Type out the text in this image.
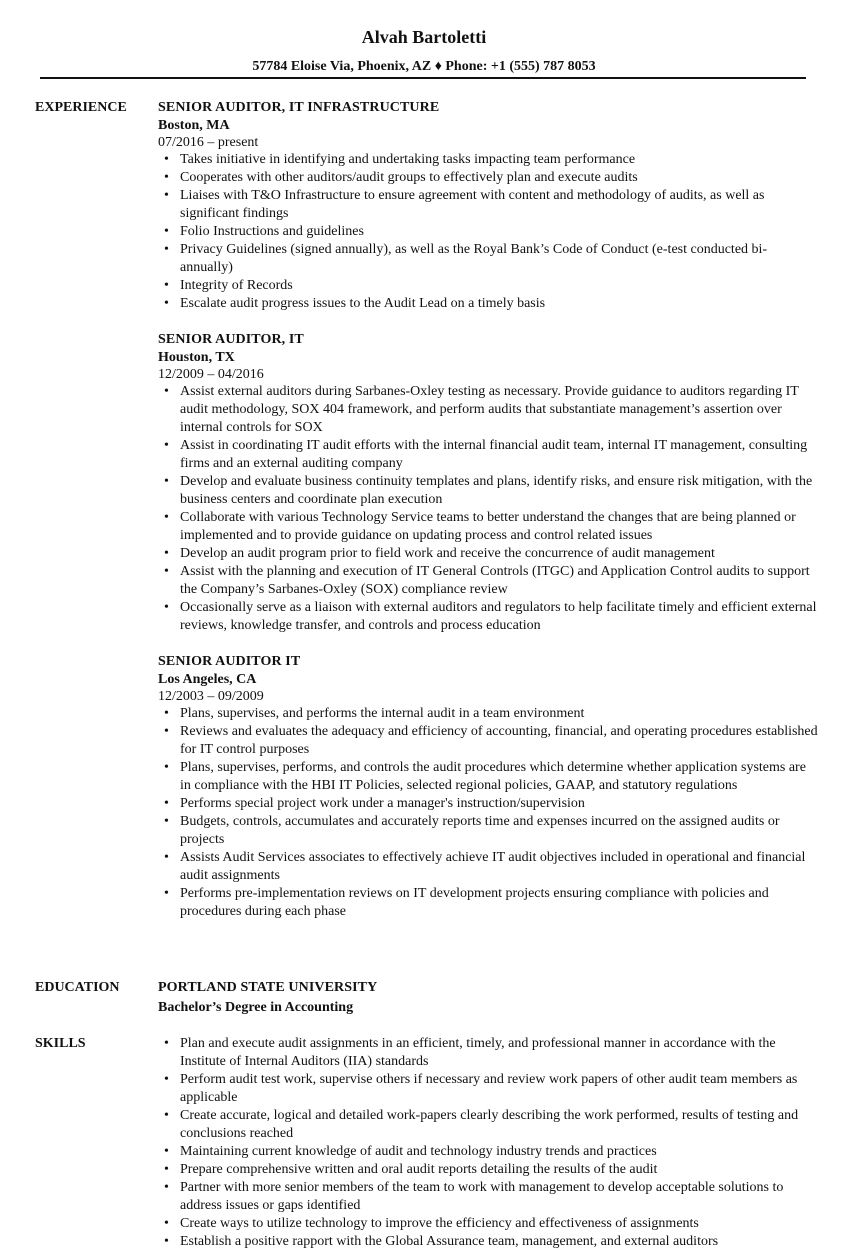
Alvah Bartoletti
57784 Eloise Via, Phoenix, AZ ♦ Phone: +1 (555) 787 8053
EXPERIENCE SENIOR AUDITOR, IT INFRASTRUCTURE
Boston, MA
07/2016 – present
• Takes initiative in identifying and undertaking tasks impacting team performance
• Cooperates with other auditors/audit groups to effectively plan and execute audits
• Liaises with T&O Infrastructure to ensure agreement with content and methodology of audits, as well as significant findings
• Folio Instructions and guidelines
• Privacy Guidelines (signed annually), as well as the Royal Bank’s Code of Conduct (e-test conducted bi-annually)
• Integrity of Records
• Escalate audit progress issues to the Audit Lead on a timely basis
SENIOR AUDITOR, IT
Houston, TX
12/2009 – 04/2016
• Assist external auditors during Sarbanes-Oxley testing as necessary. Provide guidance to auditors regarding IT audit methodology, SOX 404 framework, and perform audits that substantiate management’s assertion over internal controls for SOX
• Assist in coordinating IT audit efforts with the internal financial audit team, internal IT management, consulting firms and an external auditing company
• Develop and evaluate business continuity templates and plans, identify risks, and ensure risk mitigation, with the business centers and coordinate plan execution
• Collaborate with various Technology Service teams to better understand the changes that are being planned or implemented and to provide guidance on updating process and control related issues
• Develop an audit program prior to field work and receive the concurrence of audit management
• Assist with the planning and execution of IT General Controls (ITGC) and Application Control audits to support the Company’s Sarbanes-Oxley (SOX) compliance review
• Occasionally serve as a liaison with external auditors and regulators to help facilitate timely and efficient external reviews, knowledge transfer, and controls and process education
SENIOR AUDITOR IT
Los Angeles, CA
12/2003 – 09/2009
• Plans, supervises, and performs the internal audit in a team environment
• Reviews and evaluates the adequacy and efficiency of accounting, financial, and operating procedures established for IT control purposes
• Plans, supervises, performs, and controls the audit procedures which determine whether application systems are in compliance with the HBI IT Policies, selected regional policies, GAAP, and statutory regulations
• Performs special project work under a manager's instruction/supervision
• Budgets, controls, accumulates and accurately reports time and expenses incurred on the assigned audits or projects
• Assists Audit Services associates to effectively achieve IT audit objectives included in operational and financial audit assignments
• Performs pre-implementation reviews on IT development projects ensuring compliance with policies and procedures during each phase
EDUCATION	PORTLAND STATE UNIVERSITY
Bachelor’s Degree in Accounting
SKILLS	• Plan and execute audit assignments in an efficient, timely, and professional manner in accordance with the Institute of Internal Auditors (IIA) standards
• Perform audit test work, supervise others if necessary and review work papers of other audit team members as applicable
• Create accurate, logical and detailed work-papers clearly describing the work performed, results of testing and conclusions reached
• Maintaining current knowledge of audit and technology industry trends and practices
• Prepare comprehensive written and oral audit reports detailing the results of the audit
• Partner with more senior members of the team to work with management to develop acceptable solutions to address issues or gaps identified
• Create ways to utilize technology to improve the efficiency and effectiveness of assignments
• Establish a positive rapport with the Global Assurance team, management, and external auditors
